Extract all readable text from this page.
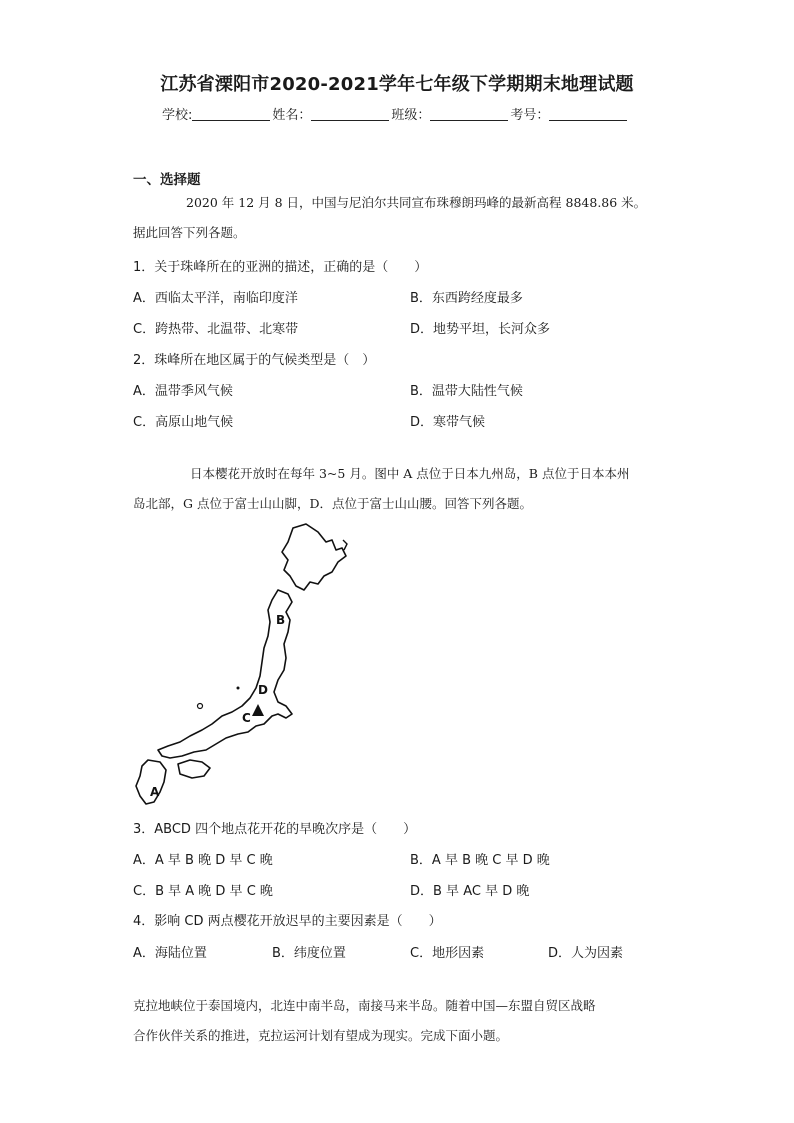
江苏省溧阳市2020-2021学年七年级下学期期末地理试题
学校:	姓名：	班级：	考号：
一、选择题
2020 年 12 月 8 日，中国与尼泊尔共同宣布珠穆朗玛峰的最新高程 8848.86 米。
据此回答下列各题。
1．关于珠峰所在的亚洲的描述，正确的是（　　）
A．西临太平洋，南临印度洋	B．东西跨经度最多
C．跨热带、北温带、北寒带	D．地势平坦，长河众多
2．珠峰所在地区属于的气候类型是（　）
A．温带季风气候	B．温带大陆性气候
C．高原山地气候	D．寒带气候
日本樱花开放时在每年 3~5 月。图中 A 点位于日本九州岛，B 点位于日本本州
岛北部，G 点位于富士山山脚，D．点位于富士山山腰。回答下列各题。
B
D
C
A
3．ABCD 四个地点花开花的早晚次序是（　　）
A．A 早 B 晚 D 早 C 晚	B．A 早 B 晚 C 早 D 晚
C．B 早 A 晚 D 早 C 晚	D．B 早 AC 早 D 晚
4．影响 CD 两点樱花开放迟早的主要因素是（　　）
A．海陆位置	B．纬度位置	C．地形因素	D．人为因素
克拉地峡位于泰国境内，北连中南半岛，南接马来半岛。随着中国—东盟自贸区战略
合作伙伴关系的推进，克拉运河计划有望成为现实。完成下面小题。
